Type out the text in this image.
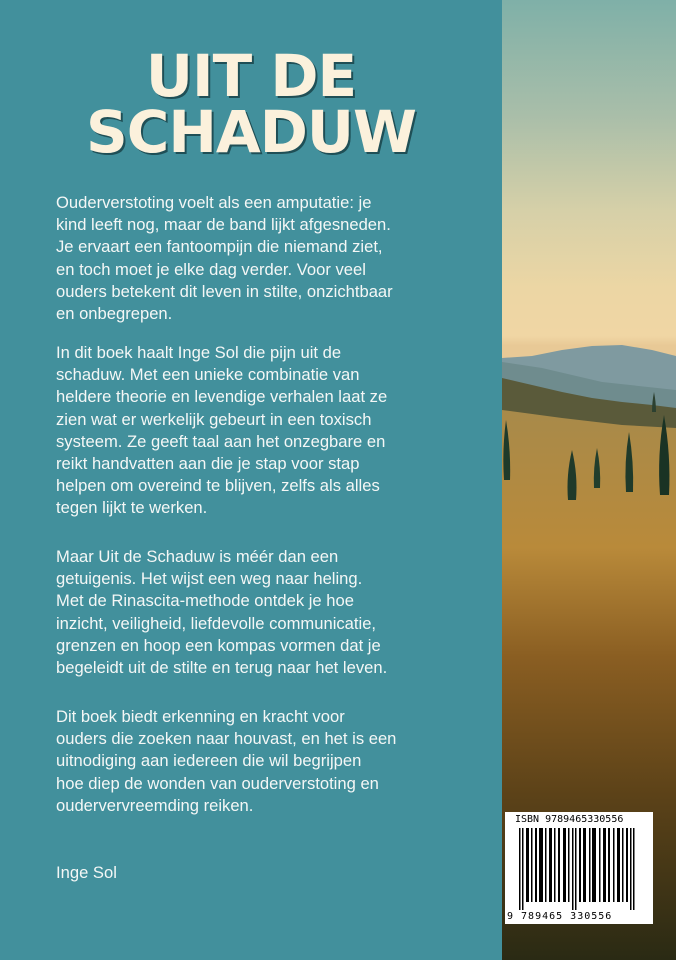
UIT DE
SCHADUW

Ouderverstoting voelt als een amputatie: je
kind leeft nog, maar de band lijkt afgesneden.
Je ervaart een fantoompijn die niemand ziet,
en toch moet je elke dag verder. Voor veel
ouders betekent dit leven in stilte, onzichtbaar
en onbegrepen.

In dit boek haalt Inge Sol die pijn uit de
schaduw. Met een unieke combinatie van
heldere theorie en levendige verhalen laat ze
zien wat er werkelijk gebeurt in een toxisch
systeem. Ze geeft taal aan het onzegbare en
reikt handvatten aan die je stap voor stap
helpen om overeind te blijven, zelfs als alles
tegen lijkt te werken.

Maar Uit de Schaduw is méér dan een
getuigenis. Het wijst een weg naar heling.
Met de Rinascita-methode ontdek je hoe
inzicht, veiligheid, liefdevolle communicatie,
grenzen en hoop een kompas vormen dat je
begeleidt uit de stilte en terug naar het leven.

Dit boek biedt erkenning en kracht voor
ouders die zoeken naar houvast, en het is een
uitnodiging aan iedereen die wil begrijpen
hoe diep de wonden van ouderverstoting en
oudervervreemding reiken.

Inge Sol
ISBN 9789465330556
9 789465 330556
